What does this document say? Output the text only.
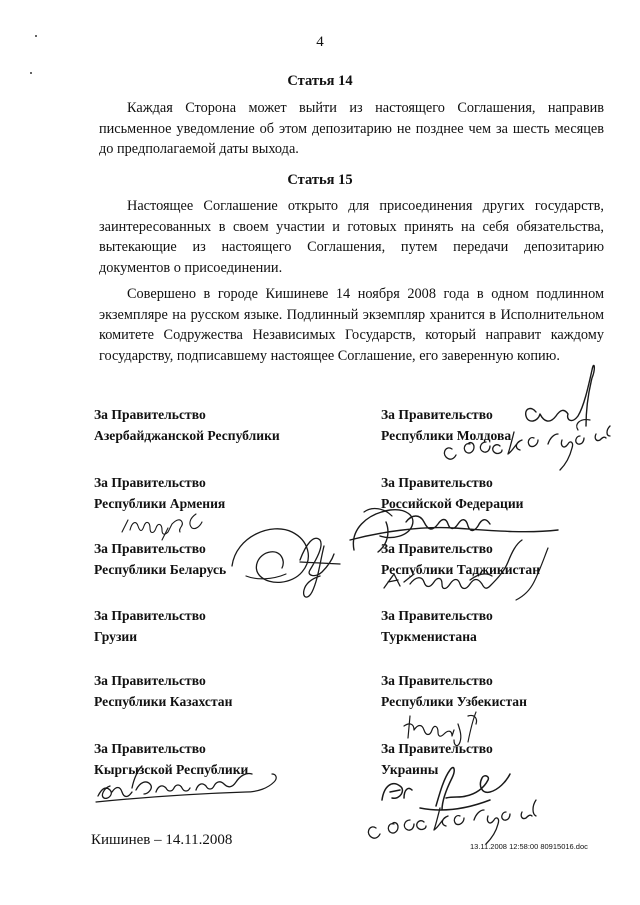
4
Статья 14
Каждая Сторона может выйти из настоящего Соглашения, направив письменное уведомление об этом депозитарию не позднее чем за шесть месяцев до предполагаемой даты выхода.
Статья 15
Настоящее Соглашение открыто для присоединения других государств, заинтересованных в своем участии и готовых принять на себя обязательства, вытекающие из настоящего Соглашения, путем передачи депозитарию документов о присоединении.
Совершено в городе Кишиневе 14 ноября 2008 года в одном подлинном экземпляре на русском языке. Подлинный экземпляр хранится в Исполнительном комитете Содружества Независимых Государств, который направит каждому государству, подписавшему настоящее Соглашение, его заверенную копию.
За Правительство
Азербайджанской Республики
За Правительство
Республики Армения
За Правительство
Республики Беларусь
За Правительство
Грузии
За Правительство
Республики Казахстан
За Правительство
Кыргызской Республики
За Правительство
Республики Молдова
За Правительство
Российской Федерации
За Правительство
Республики Таджикистан
За Правительство
Туркменистана
За Правительство
Республики Узбекистан
За Правительство
Украины
Кишинев – 14.11.2008	13.11.2008 12:58:00 80915016.doc
